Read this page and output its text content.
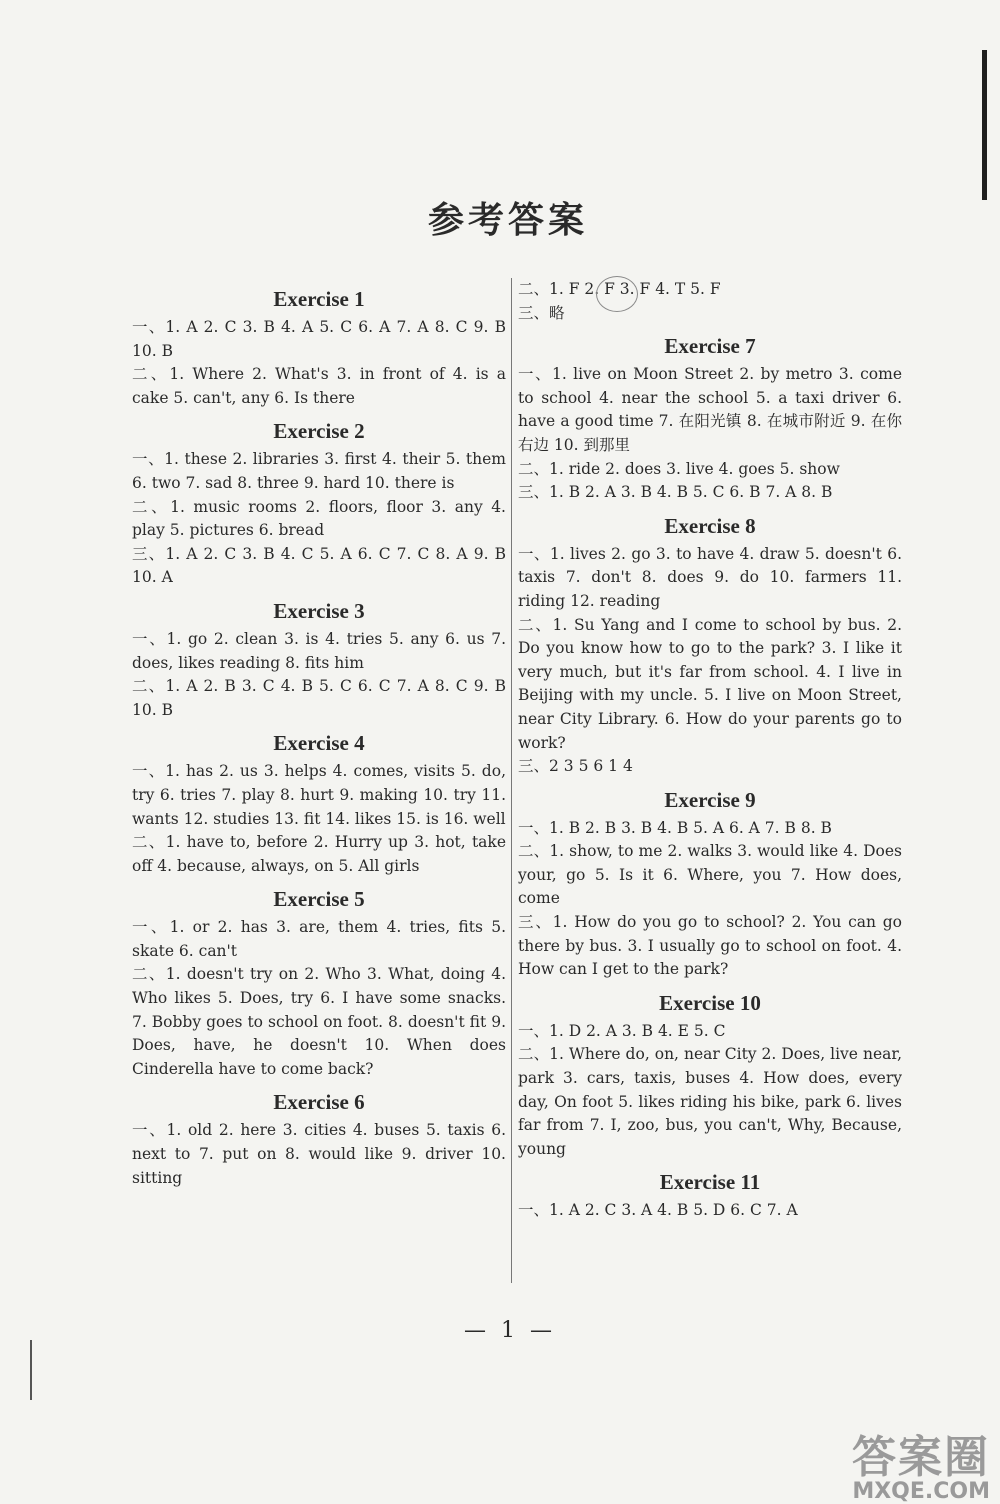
参考答案
Exercise 1
一、1. A 2. C 3. B 4. A 5. C 6. A 7. A 8. C 9. B 10. B
二、1. Where 2. What's 3. in front of 4. is a cake 5. can't, any 6. Is there
Exercise 2
一、1. these 2. libraries 3. first 4. their 5. them 6. two 7. sad 8. three 9. hard 10. there is
二、1. music rooms 2. floors, floor 3. any 4. play 5. pictures 6. bread
三、1. A 2. C 3. B 4. C 5. A 6. C 7. C 8. A 9. B 10. A
Exercise 3
一、1. go 2. clean 3. is 4. tries 5. any 6. us 7. does, likes reading 8. fits him
二、1. A 2. B 3. C 4. B 5. C 6. C 7. A 8. C 9. B 10. B
Exercise 4
一、1. has 2. us 3. helps 4. comes, visits 5. do, try 6. tries 7. play 8. hurt 9. making 10. try 11. wants 12. studies 13. fit 14. likes 15. is 16. well
二、1. have to, before 2. Hurry up 3. hot, take off 4. because, always, on 5. All girls
Exercise 5
一、1. or 2. has 3. are, them 4. tries, fits 5. skate 6. can't
二、1. doesn't try on 2. Who 3. What, doing 4. Who likes 5. Does, try 6. I have some snacks. 7. Bobby goes to school on foot. 8. doesn't fit 9. Does, have, he doesn't 10. When does Cinderella have to come back?
Exercise 6
一、1. old 2. here 3. cities 4. buses 5. taxis 6. next to 7. put on 8. would like 9. driver 10. sitting
二、1. F 2. F 3. F 4. T 5. F
三、略
Exercise 7
一、1. live on Moon Street 2. by metro 3. come to school 4. near the school 5. a taxi driver 6. have a good time 7. 在阳光镇 8. 在城市附近 9. 在你右边 10. 到那里
二、1. ride 2. does 3. live 4. goes 5. show
三、1. B 2. A 3. B 4. B 5. C 6. B 7. A 8. B
Exercise 8
一、1. lives 2. go 3. to have 4. draw 5. doesn't 6. taxis 7. don't 8. does 9. do 10. farmers 11. riding 12. reading
二、1. Su Yang and I come to school by bus. 2. Do you know how to go to the park? 3. I like it very much, but it's far from school. 4. I live in Beijing with my uncle. 5. I live on Moon Street, near City Library. 6. How do your parents go to work?
三、2 3 5 6 1 4
Exercise 9
一、1. B 2. B 3. B 4. B 5. A 6. A 7. B 8. B
二、1. show, to me 2. walks 3. would like 4. Does your, go 5. Is it 6. Where, you 7. How does, come
三、1. How do you go to school? 2. You can go there by bus. 3. I usually go to school on foot. 4. How can I get to the park?
Exercise 10
一、1. D 2. A 3. B 4. E 5. C
二、1. Where do, on, near City 2. Does, live near, park 3. cars, taxis, buses 4. How does, every day, On foot 5. likes riding his bike, park 6. lives far from 7. I, zoo, bus, you can't, Why, Because, young
Exercise 11
一、1. A 2. C 3. A 4. B 5. D 6. C 7. A
— 1 —
答案圈
MXQE.COM
